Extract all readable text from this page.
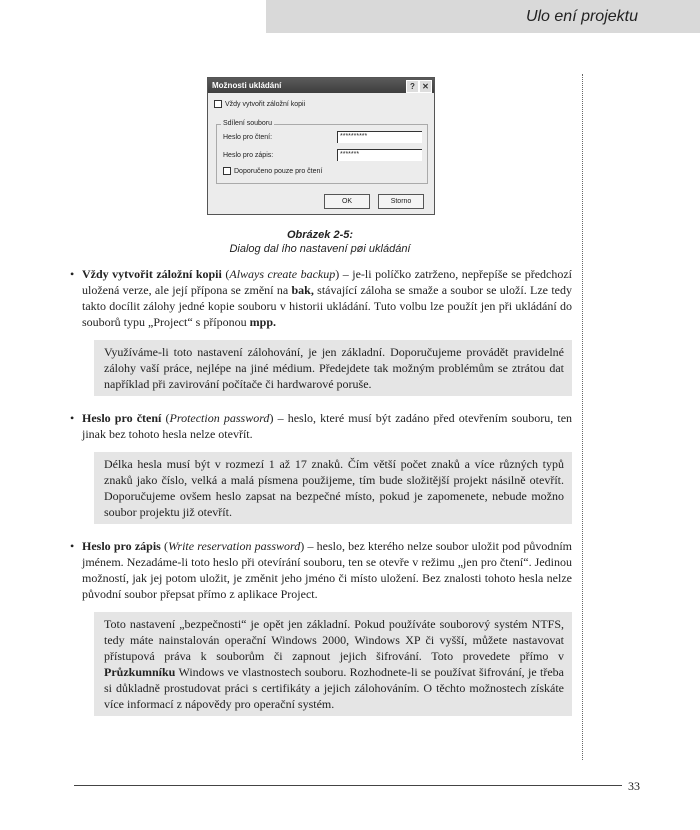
Ulo ení projektu
Možnosti ukládání	? ✕
Vždy vytvořit záložní kopii
Sdílení souboru
Heslo pro čtení:	**********
Heslo pro zápis:	*******
Doporučeno pouze pro čtení
OK	Storno
Obrázek 2-5:
Dialog dal ího nastavení pøi ukládání
• Vždy vytvořit záložní kopii (Always create backup) – je-li políčko zatrženo, nepřepíše se předchozí uložená verze, ale její přípona se změní na bak, stávající záloha se smaže a soubor se uloží. Lze tedy takto docílit zálohy jedné kopie souboru v historii ukládání. Tuto volbu lze použít jen při ukládání do souborů typu „Project“ s příponou mpp.
Využíváme-li toto nastavení zálohování, je jen základní. Doporučujeme provádět pravidelné zálohy vaší práce, nejlépe na jiné médium. Předejdete tak možným problémům se ztrátou dat například při zavirování počítače či hardwarové poruše.
• Heslo pro čtení (Protection password) – heslo, které musí být zadáno před otevřením souboru, ten jinak bez tohoto hesla nelze otevřít.
Délka hesla musí být v rozmezí 1 až 17 znaků. Čím větší počet znaků a více různých typů znaků jako číslo, velká a malá písmena použijeme, tím bude složitější projekt násilně otevřít. Doporučujeme ovšem heslo zapsat na bezpečné místo, pokud je zapomenete, nebude možno soubor projektu již otevřít.
• Heslo pro zápis (Write reservation password) – heslo, bez kterého nelze soubor uložit pod původním jménem. Nezadáme-li toto heslo při otevírání souboru, ten se otevře v režimu „jen pro čtení“. Jedinou možností, jak jej potom uložit, je změnit jeho jméno či místo uložení. Bez znalosti tohoto hesla nelze původní soubor přepsat přímo z aplikace Project.
Toto nastavení „bezpečnosti“ je opět jen základní. Pokud používáte souborový systém NTFS, tedy máte nainstalován operační Windows 2000, Windows XP či vyšší, můžete nastavovat přístupová práva k souborům či zapnout jejich šifrování. Toto provedete přímo v Průzkumníku Windows ve vlastnostech souboru. Rozhodnete-li se používat šifrování, je třeba si důkladně prostudovat práci s certifikáty a jejich zálohováním. O těchto možnostech získáte více informací z nápovědy pro operační systém.
33
